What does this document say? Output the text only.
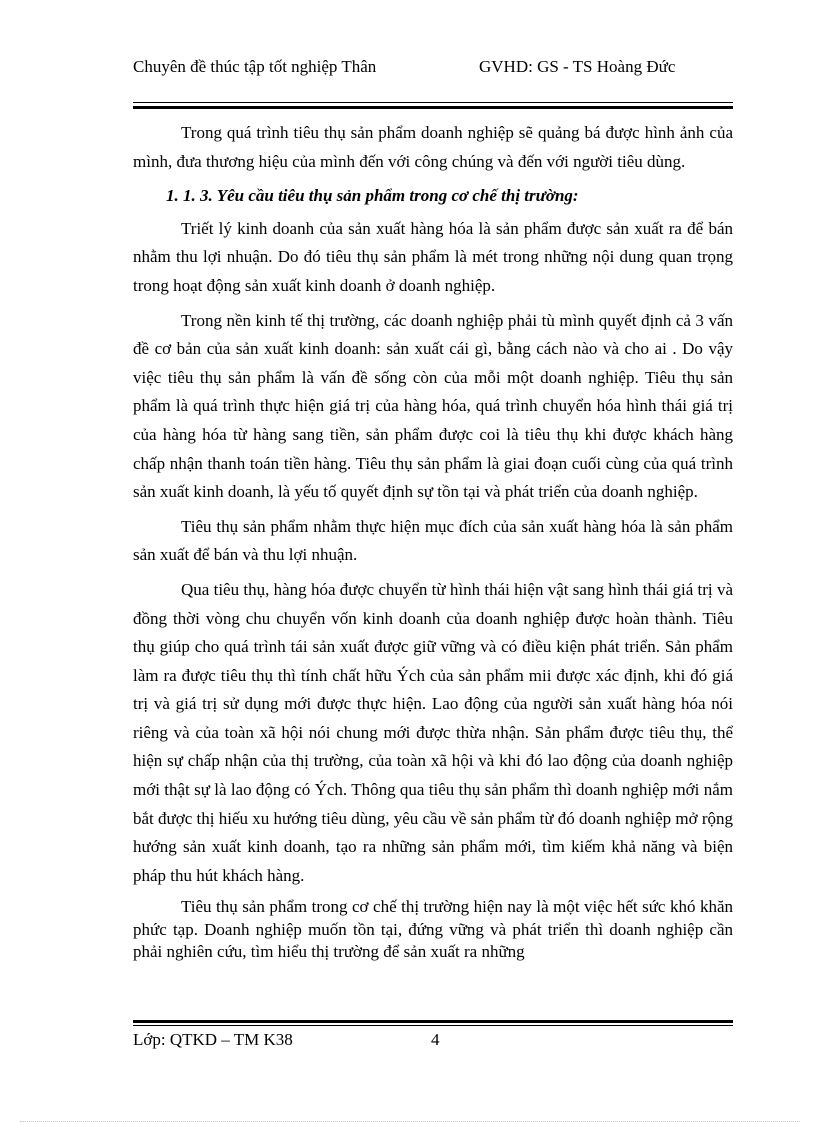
Chuyên đề thúc tập tốt nghiệp Thân	GVHD: GS - TS Hoàng Đức

Trong quá trình tiêu thụ sản phẩm doanh nghiệp sẽ quảng bá được hình ảnh của mình, đưa thương hiệu của mình đến với công chúng và đến với người tiêu dùng.

1. 1. 3. Yêu cầu tiêu thụ sản phẩm trong cơ chế thị trường:

Triết lý kinh doanh của sản xuất hàng hóa là sản phẩm được sản xuất ra để bán nhằm thu lợi nhuận. Do đó tiêu thụ sản phẩm là mét trong những nội dung quan trọng trong hoạt động sản xuất kinh doanh ở doanh nghiệp.

Trong nền kinh tế thị trường, các doanh nghiệp phải tù mình quyết định cả 3 vấn đề cơ bản của sản xuất kinh doanh: sản xuất cái gì, bằng cách nào và cho ai . Do vậy việc tiêu thụ sản phẩm là vấn đề sống còn của mỗi một doanh nghiệp. Tiêu thụ sản phẩm là quá trình thực hiện giá trị của hàng hóa, quá trình chuyển hóa hình thái giá trị của hàng hóa từ hàng sang tiền, sản phẩm được coi là tiêu thụ khi được khách hàng chấp nhận thanh toán tiền hàng. Tiêu thụ sản phẩm là giai đoạn cuối cùng của quá trình sản xuất kinh doanh, là yếu tố quyết định sự tồn tại và phát triển của doanh nghiệp.

Tiêu thụ sản phẩm nhằm thực hiện mục đích của sản xuất hàng hóa là sản phẩm sản xuất để bán và thu lợi nhuận.

Qua tiêu thụ, hàng hóa được chuyển từ hình thái hiện vật sang hình thái giá trị và đồng thời vòng chu chuyển vốn kinh doanh của doanh nghiệp được hoàn thành. Tiêu thụ giúp cho quá trình tái sản xuất được giữ vững và có điều kiện phát triển. Sản phẩm làm ra được tiêu thụ thì tính chất hữu Ých của sản phẩm mii được xác định, khi đó giá trị và giá trị sử dụng mới được thực hiện. Lao động của người sản xuất hàng hóa nói riêng và của toàn xã hội nói chung mới được thừa nhận. Sản phẩm được tiêu thụ, thể hiện sự chấp nhận của thị trường, của toàn xã hội và khi đó lao động của doanh nghiệp mới thật sự là lao động có Ých. Thông qua tiêu thụ sản phẩm thì doanh nghiệp mới nắm bắt được thị hiếu xu hướng tiêu dùng, yêu cầu về sản phẩm từ đó doanh nghiệp mở rộng hướng sản xuất kinh doanh, tạo ra những sản phẩm mới, tìm kiếm khả năng và biện pháp thu hút khách hàng.

Tiêu thụ sản phẩm trong cơ chế thị trường hiện nay là một việc hết sức khó khăn phức tạp. Doanh nghiệp muốn tồn tại, đứng vững và phát triển thì doanh nghiệp cần phải nghiên cứu, tìm hiểu thị trường để sản xuất ra những

Lớp: QTKD – TM K38	4
